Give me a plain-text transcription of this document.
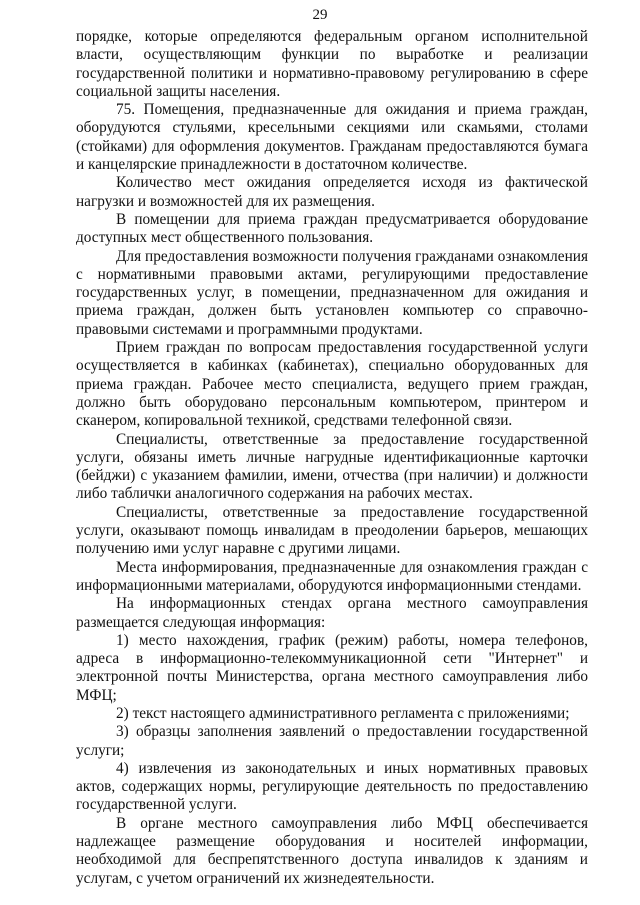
29

порядке, которые определяются федеральным органом исполнительной власти, осуществляющим функции по выработке и реализации государственной политики и нормативно-правовому регулированию в сфере социальной защиты населения.

75. Помещения, предназначенные для ожидания и приема граждан, оборудуются стульями, кресельными секциями или скамьями, столами (стойками) для оформления документов. Гражданам предоставляются бумага и канцелярские принадлежности в достаточном количестве.

Количество мест ожидания определяется исходя из фактической нагрузки и возможностей для их размещения.

В помещении для приема граждан предусматривается оборудование доступных мест общественного пользования.

Для предоставления возможности получения гражданами ознакомления с нормативными правовыми актами, регулирующими предоставление государственных услуг, в помещении, предназначенном для ожидания и приема граждан, должен быть установлен компьютер со справочно-правовыми системами и программными продуктами.

Прием граждан по вопросам предоставления государственной услуги осуществляется в кабинках (кабинетах), специально оборудованных для приема граждан. Рабочее место специалиста, ведущего прием граждан, должно быть оборудовано персональным компьютером, принтером и сканером, копировальной техникой, средствами телефонной связи.

Специалисты, ответственные за предоставление государственной услуги, обязаны иметь личные нагрудные идентификационные карточки (бейджи) с указанием фамилии, имени, отчества (при наличии) и должности либо таблички аналогичного содержания на рабочих местах.

Специалисты, ответственные за предоставление государственной услуги, оказывают помощь инвалидам в преодолении барьеров, мешающих получению ими услуг наравне с другими лицами.

Места информирования, предназначенные для ознакомления граждан с информационными материалами, оборудуются информационными стендами.

На информационных стендах органа местного самоуправления размещается следующая информация:

1) место нахождения, график (режим) работы, номера телефонов, адреса в информационно-телекоммуникационной сети "Интернет" и электронной почты Министерства, органа местного самоуправления либо МФЦ;

2) текст настоящего административного регламента с приложениями;

3) образцы заполнения заявлений о предоставлении государственной услуги;

4) извлечения из законодательных и иных нормативных правовых актов, содержащих нормы, регулирующие деятельность по предоставлению государственной услуги.

В органе местного самоуправления либо МФЦ обеспечивается надлежащее размещение оборудования и носителей информации, необходимой для беспрепятственного доступа инвалидов к зданиям и услугам, с учетом ограничений их жизнедеятельности.
